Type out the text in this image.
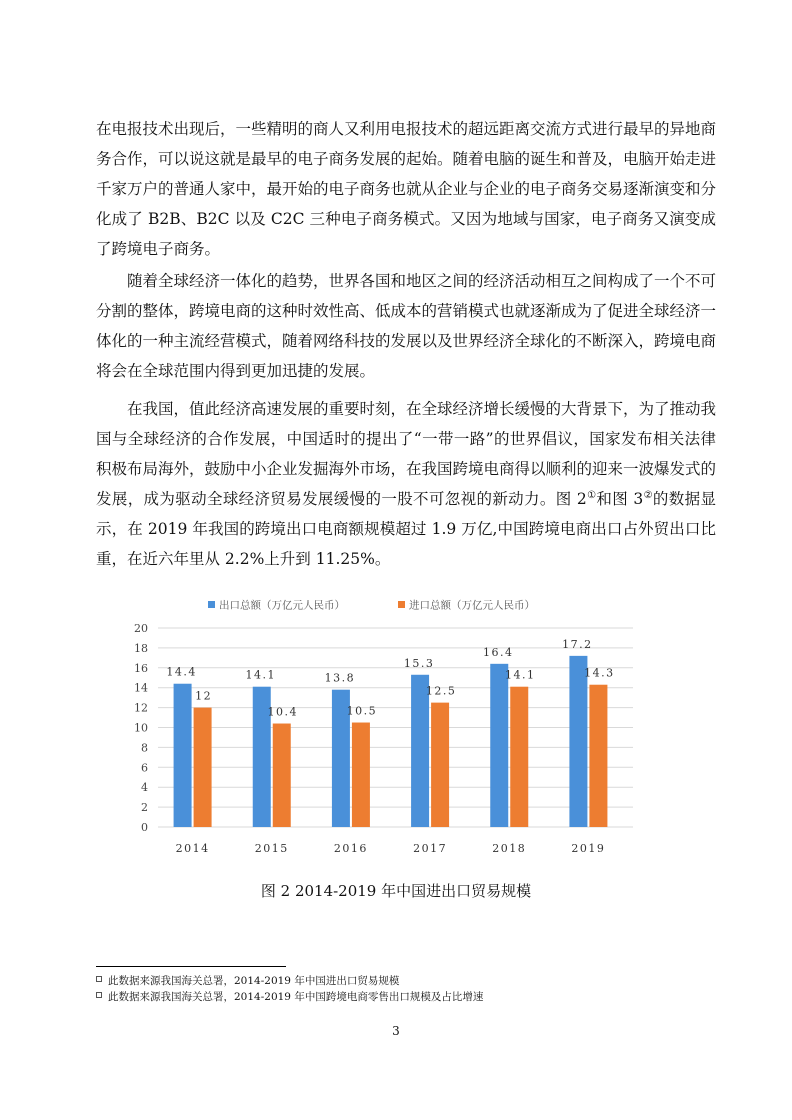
在电报技术出现后，一些精明的商人又利用电报技术的超远距离交流方式进行最早的异地商务合作，可以说这就是最早的电子商务发展的起始。随着电脑的诞生和普及，电脑开始走进千家万户的普通人家中，最开始的电子商务也就从企业与企业的电子商务交易逐渐演变和分化成了 B2B、B2C 以及 C2C 三种电子商务模式。又因为地域与国家，电子商务又演变成了跨境电子商务。

随着全球经济一体化的趋势，世界各国和地区之间的经济活动相互之间构成了一个不可分割的整体，跨境电商的这种时效性高、低成本的营销模式也就逐渐成为了促进全球经济一体化的一种主流经营模式，随着网络科技的发展以及世界经济全球化的不断深入，跨境电商将会在全球范围内得到更加迅捷的发展。

在我国，值此经济高速发展的重要时刻，在全球经济增长缓慢的大背景下，为了推动我国与全球经济的合作发展，中国适时的提出了“一带一路”的世界倡议，国家发布相关法律积极布局海外，鼓励中小企业发掘海外市场，在我国跨境电商得以顺利的迎来一波爆发式的发展，成为驱动全球经济贸易发展缓慢的一股不可忽视的新动力。图 2①和图 3②的数据显示，在 2019 年我国的跨境出口电商额规模超过 1.9 万亿,中国跨境电商出口占外贸出口比重，在近六年里从 2.2%上升到 11.25%。

出口总额（万亿元人民币）	进口总额（万亿元人民币）
0
2
4
6
8
10
12
14
16
18
20
14.4
12
14.1
10.4
13.8
10.5
15.3
12.5
16.4
14.1
17.2
14.3
2014	2015	2016	2017	2018	2019
图 2 2014-2019 年中国进出口贸易规模
此数据来源我国海关总署，2014-2019 年中国进出口贸易规模
此数据来源我国海关总署，2014-2019 年中国跨境电商零售出口规模及占比增速
3
